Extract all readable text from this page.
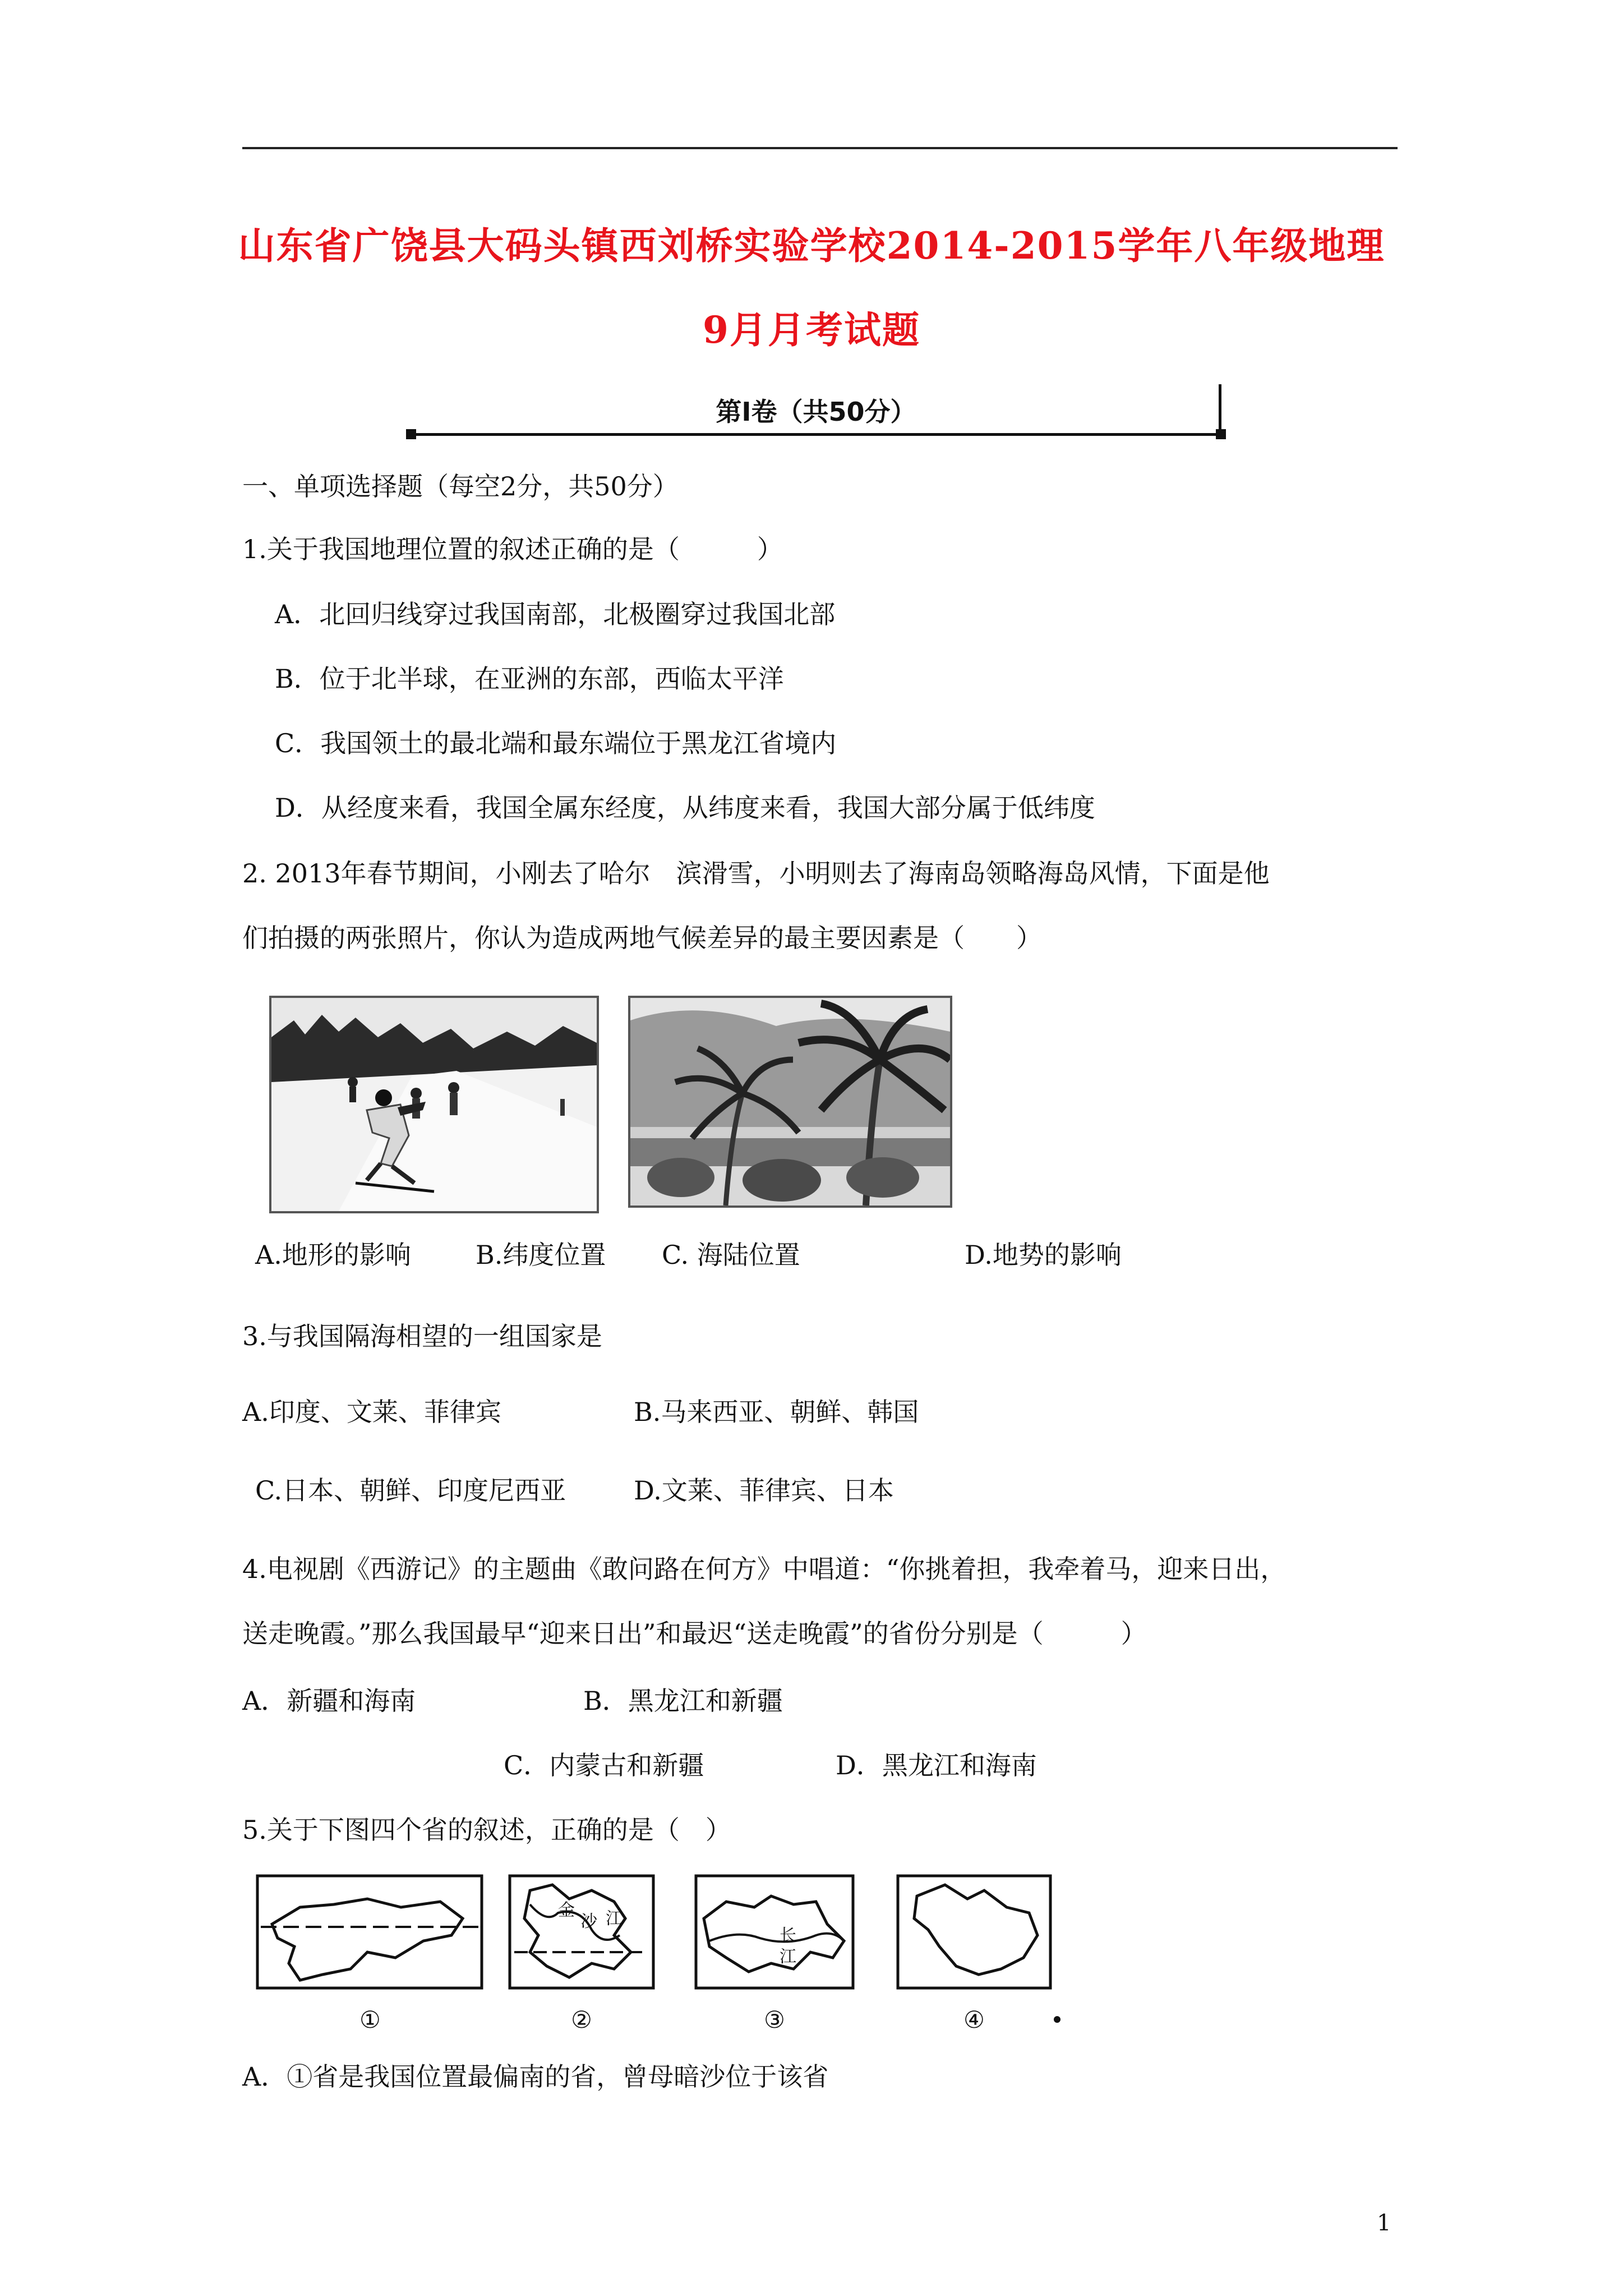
山东省广饶县大码头镇西刘桥实验学校2014-2015学年八年级地理
9月月考试题
第Ⅰ卷（共50分）
一、单项选择题（每空2分，共50分）
1.关于我国地理位置的叙述正确的是（　　　）
A．北回归线穿过我国南部，北极圈穿过我国北部
B．位于北半球，在亚洲的东部，西临太平洋
C．我国领土的最北端和最东端位于黑龙江省境内
D．从经度来看，我国全属东经度，从纬度来看，我国大部分属于低纬度
2. 2013年春节期间，小刚去了哈尔　滨滑雪，小明则去了海南岛领略海岛风情，下面是他
们拍摄的两张照片，你认为造成两地气候差异的最主要因素是（　　）
A.地形的影响	B.纬度位置 C. 海陆位置	D.地势的影响
3.与我国隔海相望的一组国家是
A.印度、文莱、菲律宾	B.马来西亚、朝鲜、韩国
C.日本、朝鲜、印度尼西亚	D.文莱、菲律宾、日本
4.电视剧《西游记》的主题曲《敢问路在何方》中唱道：“你挑着担，我牵着马，迎来日出，
送走晚霞。”那么我国最早“迎来日出”和最迟“送走晚霞”的省份分别是（　　　）
A．新疆和海南	B．黑龙江和新疆
C．内蒙古和新疆	D．黑龙江和海南
5.关于下图四个省的叙述，正确的是（　）
①
金
沙 江
②
长
江
③	④
A．①省是我国位置最偏南的省，曾母暗沙位于该省
1
